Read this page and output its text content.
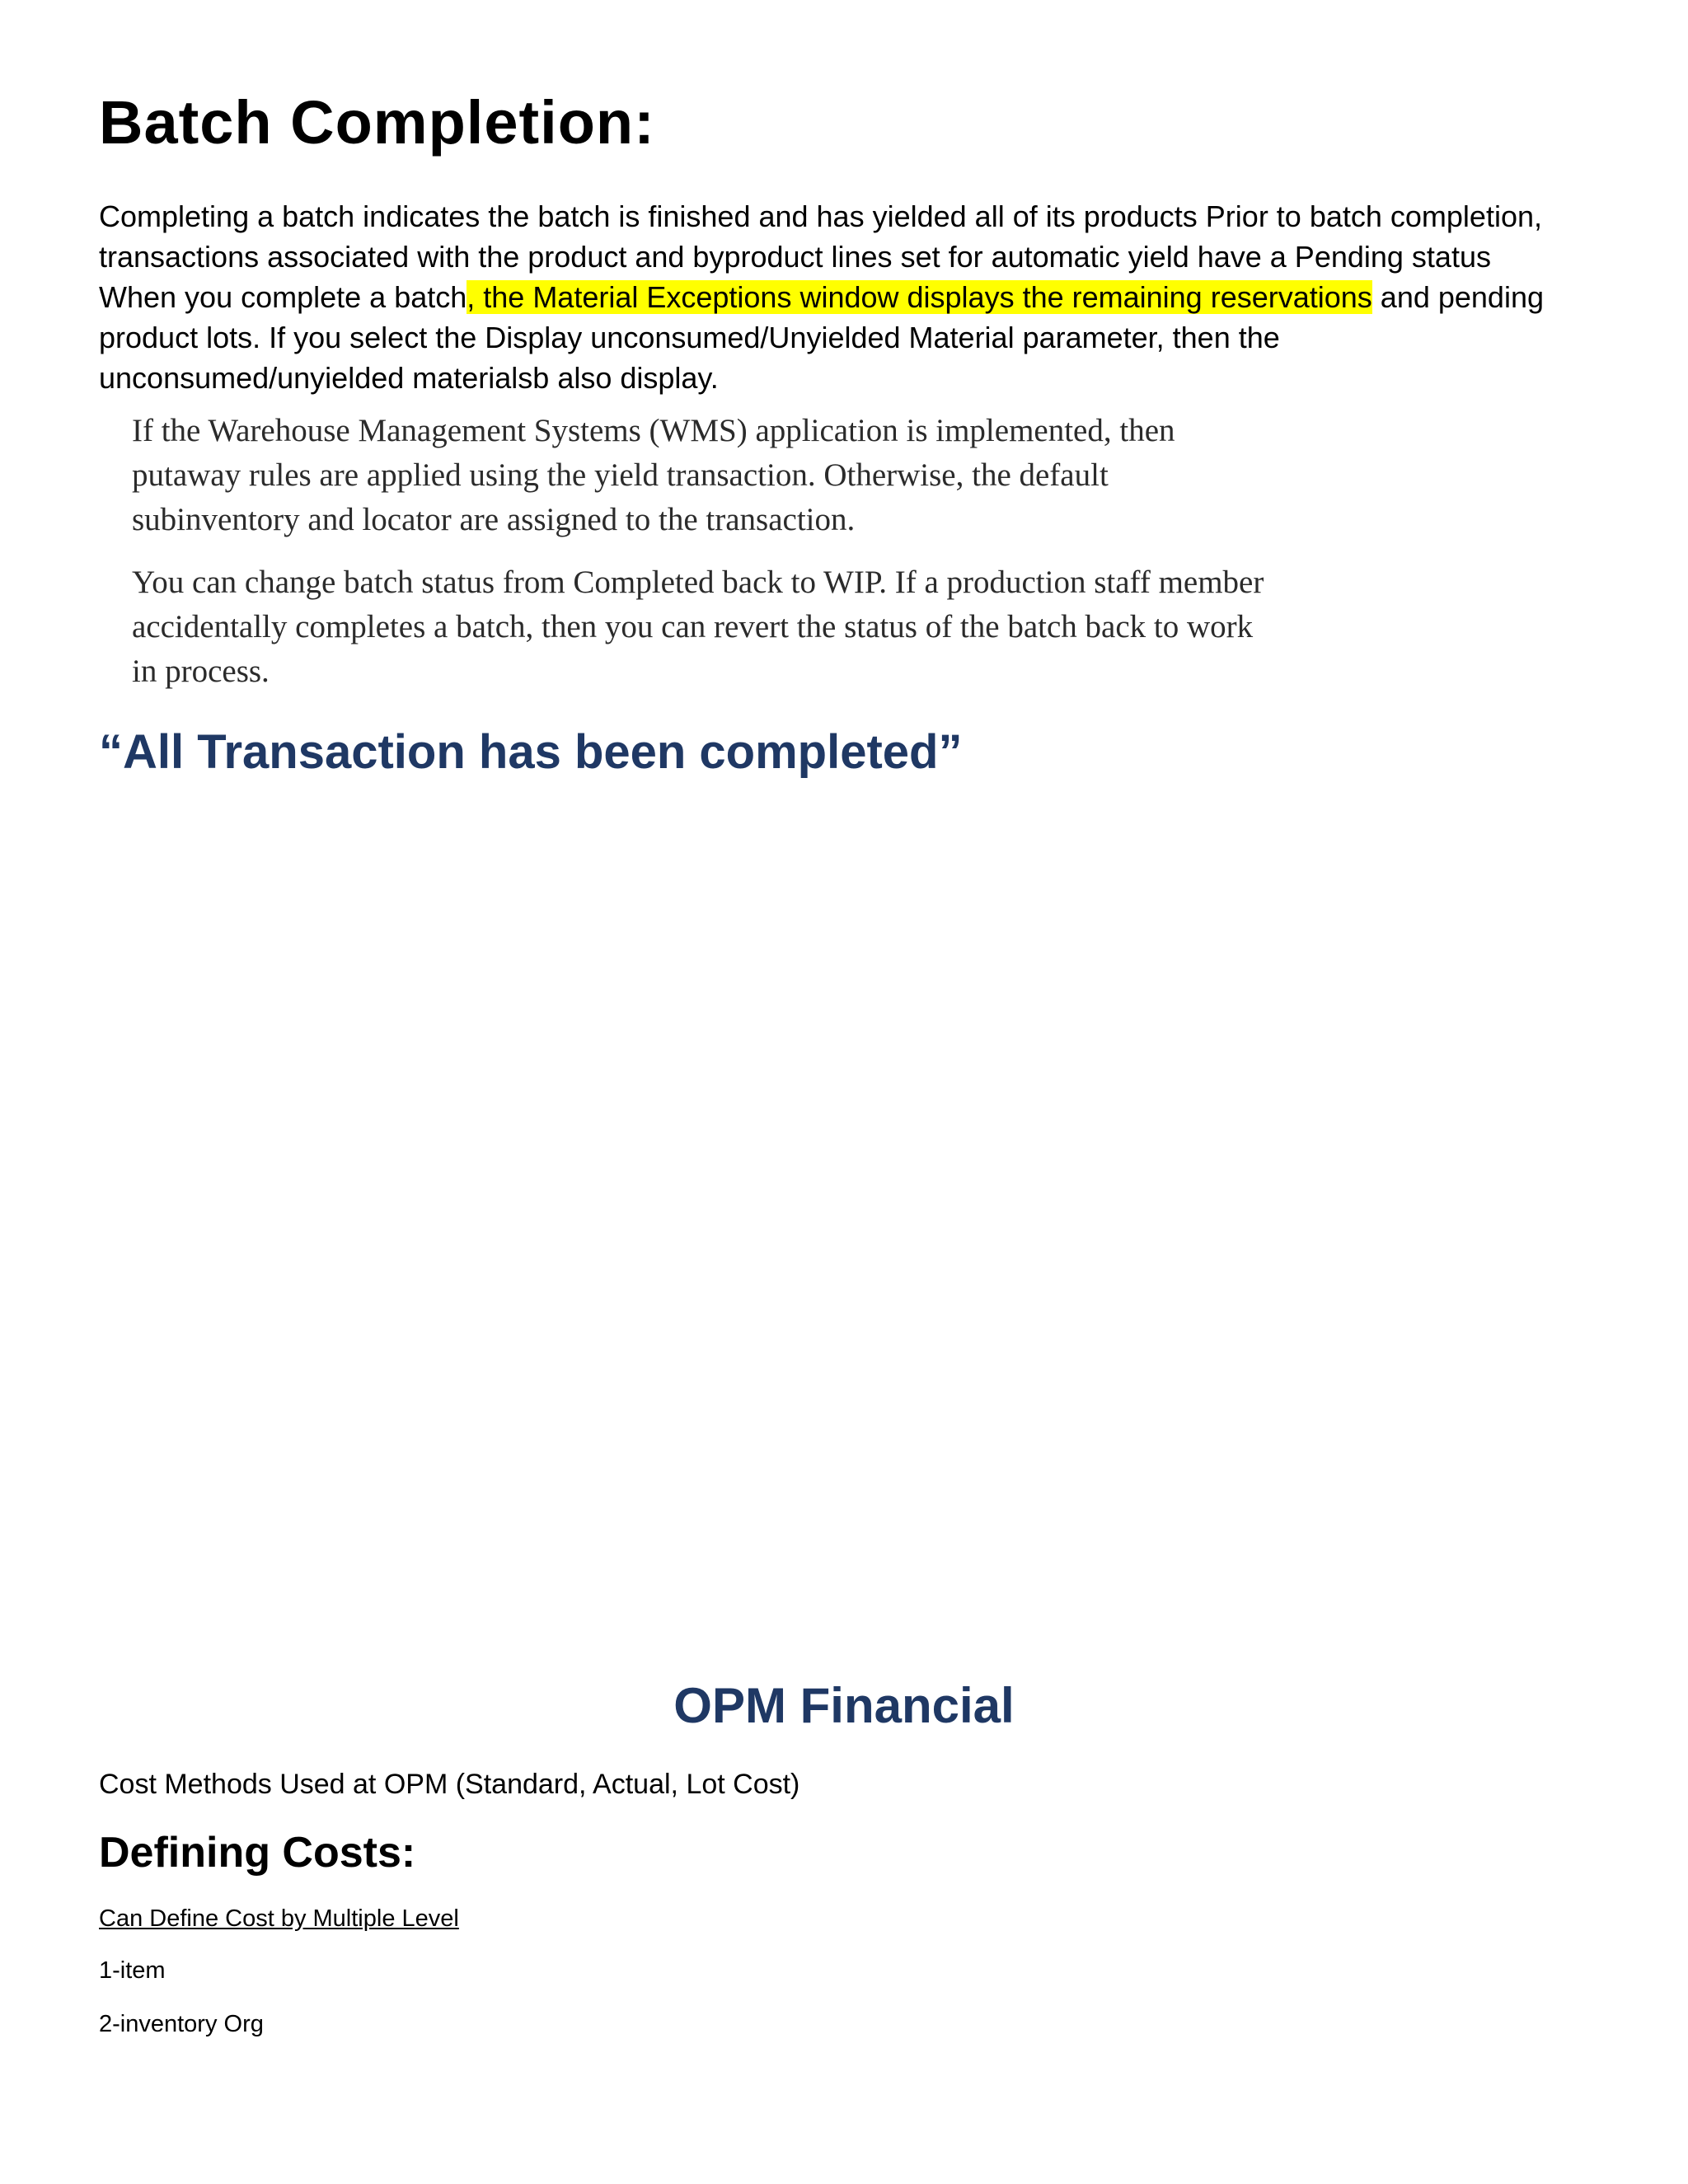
Batch Completion:
Completing a batch indicates the batch is finished and has yielded all of its products Prior to batch completion,
transactions associated with the product and byproduct lines set for automatic yield have a Pending status
When you complete a batch, the Material Exceptions window displays the remaining reservations and pending
product lots. If you select the Display unconsumed/Unyielded Material parameter, then the
unconsumed/unyielded materialsb also display.

If the Warehouse Management Systems (WMS) application is implemented, then
putaway rules are applied using the yield transaction. Otherwise, the default
subinventory and locator are assigned to the transaction.

You can change batch status from Completed back to WIP. If a production staff member
accidentally completes a batch, then you can revert the status of the batch back to work
in process.

“All Transaction has been completed”
OPM Financial

Cost Methods Used at OPM (Standard, Actual, Lot Cost)

Defining Costs:

Can Define Cost by Multiple Level

1-item

2-inventory Org
